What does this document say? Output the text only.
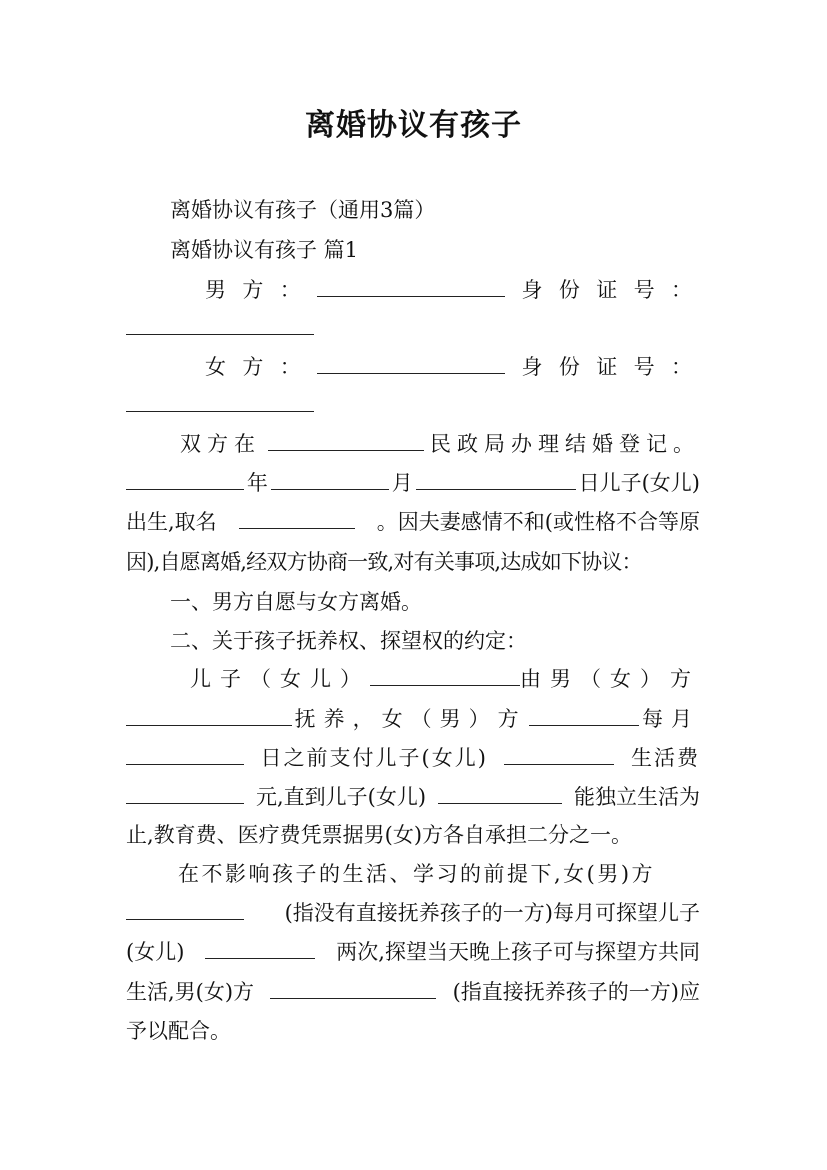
离婚协议有孩子
离婚协议有孩子（通用3篇）
离婚协议有孩子 篇1
男 方 ：	身 份 证 号 ：
女 方 ：	身 份 证 号 ：
双方在	民政局办理结婚登记。
年	月	日儿子(女儿)
出生,取名	。因夫妻感情不和(或性格不合等原
因),自愿离婚,经双方协商一致,对有关事项,达成如下协议：
一、男方自愿与女方离婚。
二、关于孩子抚养权、探望权的约定：
儿子（女儿）	由男（女）方
抚养，女（男）方	每月
日之前支付儿子(女儿)	生活费
元,直到儿子(女儿)	能独立生活为
止,教育费、医疗费凭票据男(女)方各自承担二分之一。
在不影响孩子的生活、学习的前提下,女(男)方
(指没有直接抚养孩子的一方)每月可探望儿子
(女儿)	两次,探望当天晚上孩子可与探望方共同
生活,男(女)方	(指直接抚养孩子的一方)应
予以配合。
